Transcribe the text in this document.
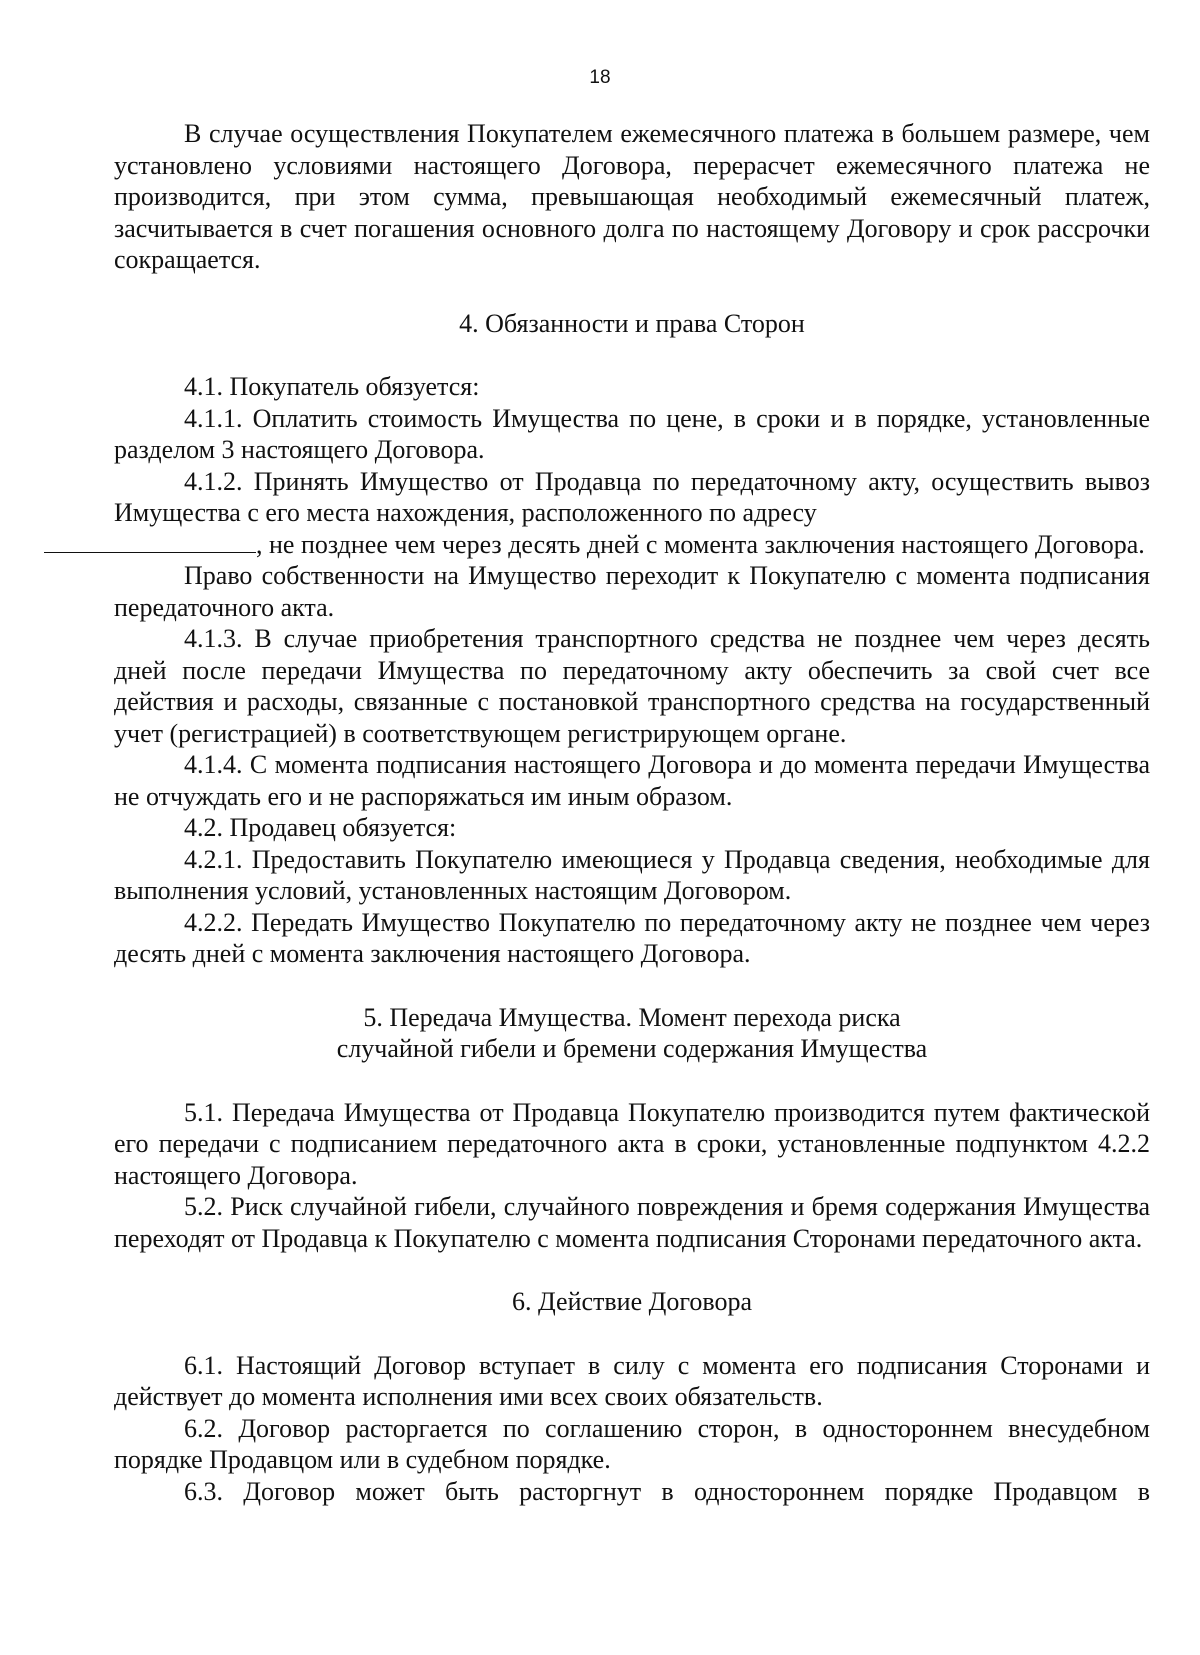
18

В случае осуществления Покупателем ежемесячного платежа в большем размере, чем установлено условиями настоящего Договора, перерасчет ежемесячного платежа не производится, при этом сумма, превышающая необходимый ежемесячный платеж, засчитывается в счет погашения основного долга по настоящему Договору и срок рассрочки сокращается.

4. Обязанности и права Сторон

4.1. Покупатель обязуется:

4.1.1. Оплатить стоимость Имущества по цене, в сроки и в порядке, установленные разделом 3 настоящего Договора.

4.1.2. Принять Имущество от Продавца по передаточному акту, осуществить вывоз Имущества с его места нахождения, расположенного по адресу
, не позднее чем через десять дней с момента заключения настоящего Договора.

Право собственности на Имущество переходит к Покупателю с момента подписания передаточного акта.

4.1.3. В случае приобретения транспортного средства не позднее чем через десять дней после передачи Имущества по передаточному акту обеспечить за свой счет все действия и расходы, связанные с постановкой транспортного средства на государственный учет (регистрацией) в соответствующем регистрирующем органе.

4.1.4. С момента подписания настоящего Договора и до момента передачи Имущества не отчуждать его и не распоряжаться им иным образом.

4.2. Продавец обязуется:

4.2.1. Предоставить Покупателю имеющиеся у Продавца сведения, необходимые для выполнения условий, установленных настоящим Договором.

4.2.2. Передать Имущество Покупателю по передаточному акту не позднее чем через десять дней с момента заключения настоящего Договора.

5. Передача Имущества. Момент перехода риска
случайной гибели и бремени содержания Имущества

5.1. Передача Имущества от Продавца Покупателю производится путем фактической его передачи с подписанием передаточного акта в сроки, установленные подпунктом 4.2.2 настоящего Договора.

5.2. Риск случайной гибели, случайного повреждения и бремя содержания Имущества переходят от Продавца к Покупателю с момента подписания Сторонами передаточного акта.

6. Действие Договора

6.1. Настоящий Договор вступает в силу с момента его подписания Сторонами и действует до момента исполнения ими всех своих обязательств.

6.2. Договор расторгается по соглашению сторон, в одностороннем внесудебном порядке Продавцом или в судебном порядке.

6.3. Договор может быть расторгнут в одностороннем порядке Продавцом в
